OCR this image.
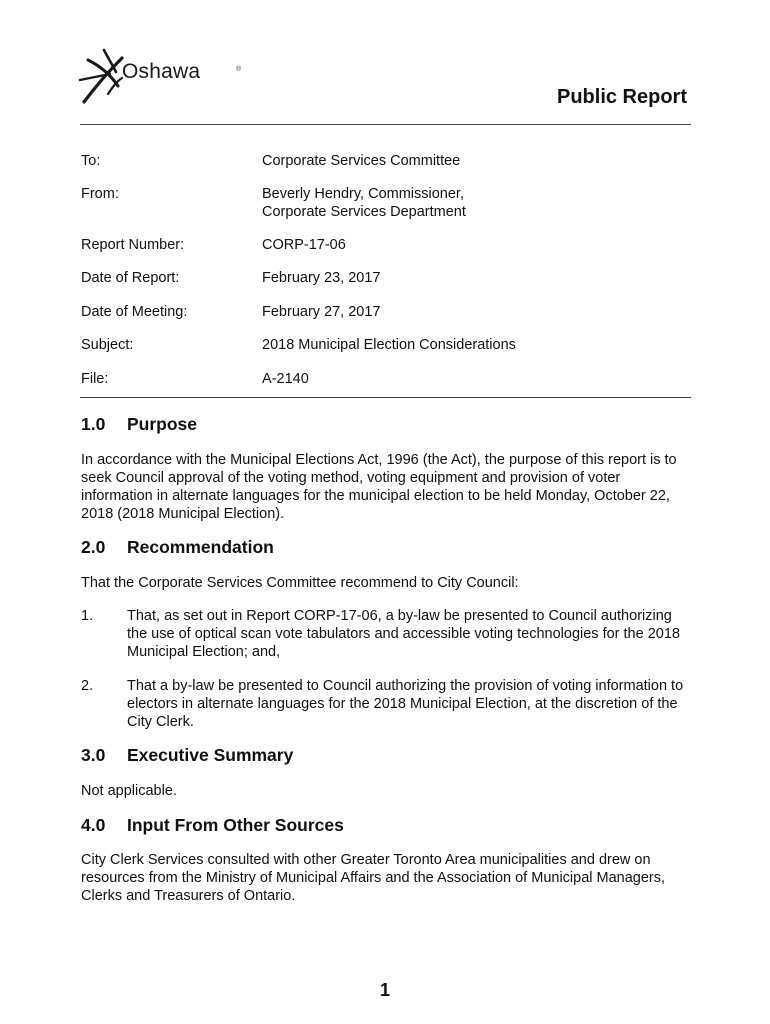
Oshawa	®
Public Report
To:	Corporate Services Committee
From:	Beverly Hendry, Commissioner,
Corporate Services Department
Report Number:	CORP-17-06
Date of Report:	February 23, 2017
Date of Meeting:	February 27, 2017
Subject:	2018 Municipal Election Considerations
File:	A-2140
1.0 Purpose
In accordance with the Municipal Elections Act, 1996 (the Act), the purpose of this report is to seek Council approval of the voting method, voting equipment and provision of voter information in alternate languages for the municipal election to be held Monday, October 22, 2018 (2018 Municipal Election).
2.0 Recommendation
That the Corporate Services Committee recommend to City Council:
1. That, as set out in Report CORP-17-06, a by-law be presented to Council authorizing the use of optical scan vote tabulators and accessible voting technologies for the 2018 Municipal Election; and,
2. That a by-law be presented to Council authorizing the provision of voting information to electors in alternate languages for the 2018 Municipal Election, at the discretion of the City Clerk.
3.0 Executive Summary
Not applicable.
4.0 Input From Other Sources
City Clerk Services consulted with other Greater Toronto Area municipalities and drew on resources from the Ministry of Municipal Affairs and the Association of Municipal Managers, Clerks and Treasurers of Ontario.
1
